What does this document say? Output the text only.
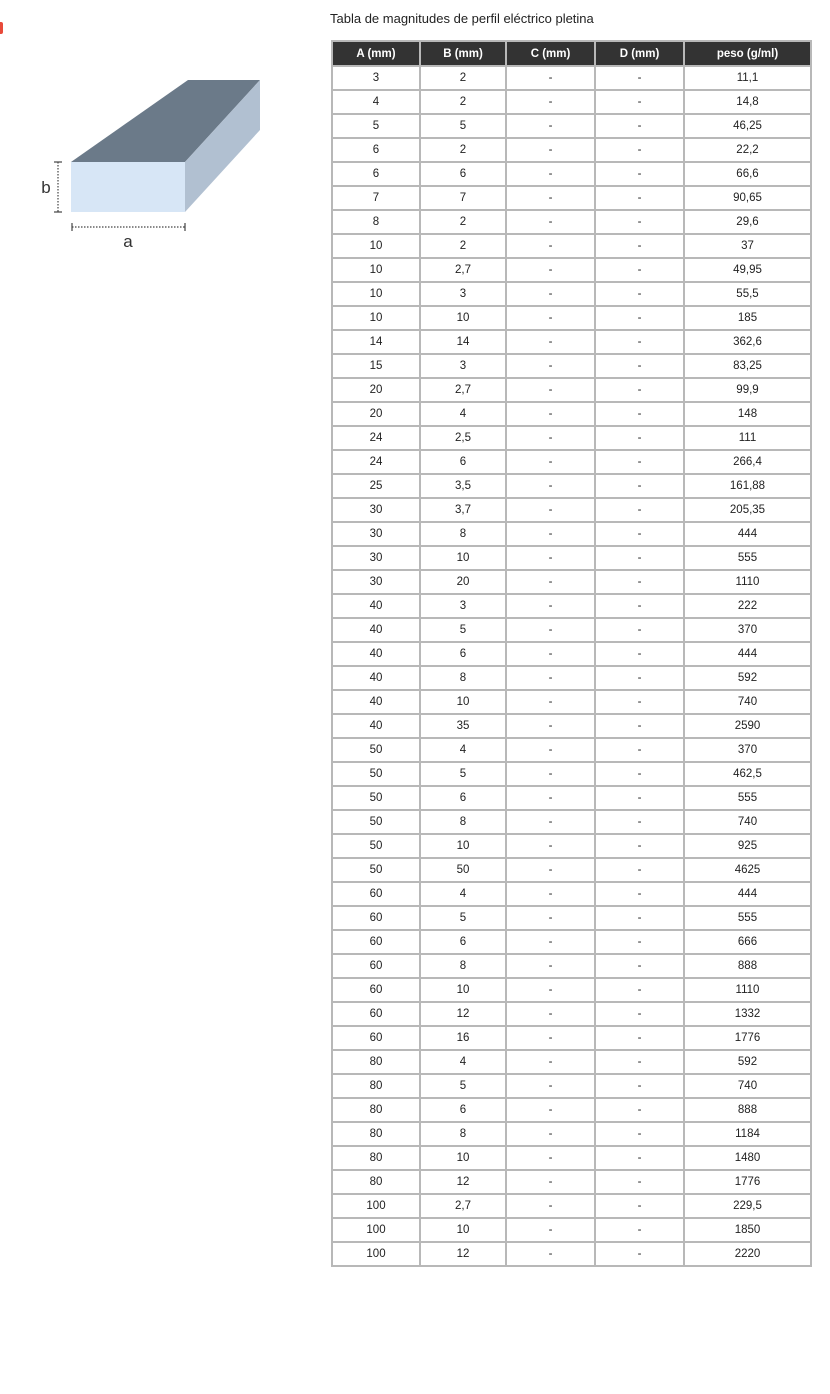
b
a
Tabla de magnitudes de perfil eléctrico pletina
A (mm)	B (mm)	C (mm)	D (mm)	peso (g/ml)
3	2	-	-	11,1
4	2	-	-	14,8
5	5	-	-	46,25
6	2	-	-	22,2
6	6	-	-	66,6
7	7	-	-	90,65
8	2	-	-	29,6
10	2	-	-	37
10	2,7	-	-	49,95
10	3	-	-	55,5
10	10	-	-	185
14	14	-	-	362,6
15	3	-	-	83,25
20	2,7	-	-	99,9
20	4	-	-	148
24	2,5	-	-	111
24	6	-	-	266,4
25	3,5	-	-	161,88
30	3,7	-	-	205,35
30	8	-	-	444
30	10	-	-	555
30	20	-	-	1110
40	3	-	-	222
40	5	-	-	370
40	6	-	-	444
40	8	-	-	592
40	10	-	-	740
40	35	-	-	2590
50	4	-	-	370
50	5	-	-	462,5
50	6	-	-	555
50	8	-	-	740
50	10	-	-	925
50	50	-	-	4625
60	4	-	-	444
60	5	-	-	555
60	6	-	-	666
60	8	-	-	888
60	10	-	-	1110
60	12	-	-	1332
60	16	-	-	1776
80	4	-	-	592
80	5	-	-	740
80	6	-	-	888
80	8	-	-	1184
80	10	-	-	1480
80	12	-	-	1776
100	2,7	-	-	229,5
100	10	-	-	1850
100	12	-	-	2220
